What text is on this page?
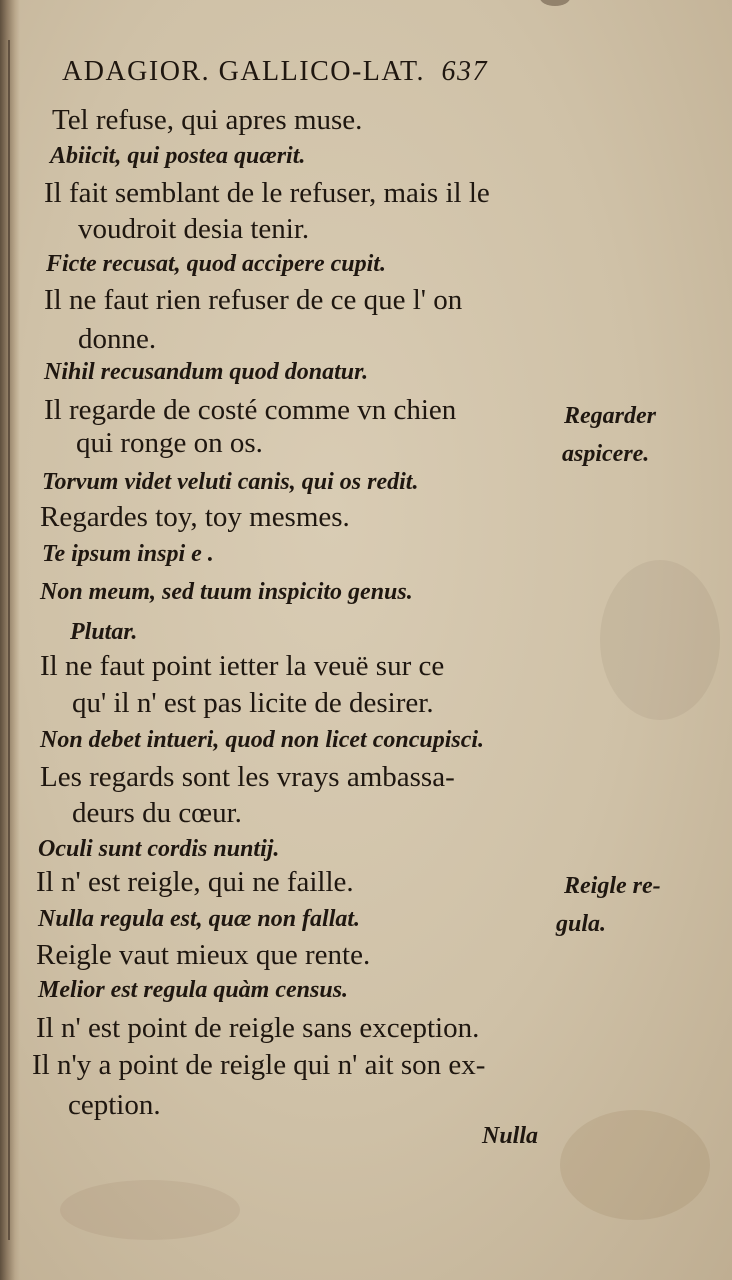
ADAGIOR. GALLICO-LAT. 637
Tel refuse, qui apres muse.
Abiicit, qui postea quærit.
Il fait semblant de le refuser, mais il le
voudroit desia tenir.
Ficte recusat, quod accipere cupit.
Il ne faut rien refuser de ce que l' on
donne.
Nihil recusandum quod donatur.
Il regarde de costé comme vn chien
qui ronge on os.
Torvum videt veluti canis, qui os redit.
Regardes toy, toy mesmes.
Te ipsum inspi e .
Non meum, sed tuum inspicito genus.
Plutar.
Il ne faut point ietter la veuë sur ce
qu' il n' est pas licite de desirer.
Non debet intueri, quod non licet concupisci.
Les regards sont les vrays ambassa-
deurs du cœur.
Oculi sunt cordis nuntij.
Il n' est reigle, qui ne faille.
Nulla regula est, quæ non fallat.
Reigle vaut mieux que rente.
Melior est regula quàm census.
Il n' est point de reigle sans exception.
Il n'y a point de reigle qui n' ait son ex-
ception.
Regarder
aspicere.
Reigle re-
gula.
Nulla
